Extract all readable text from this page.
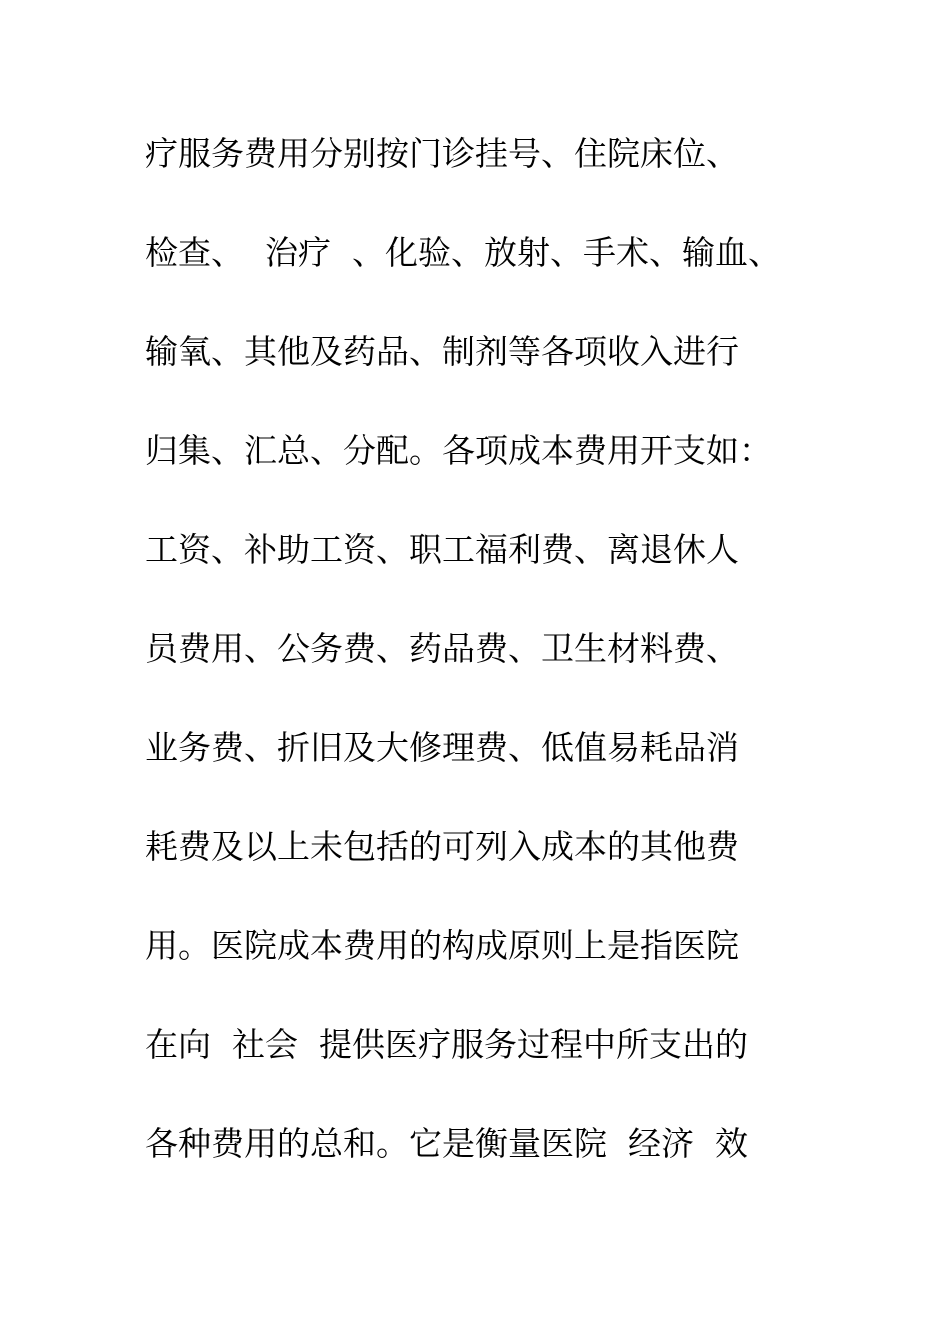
疗服务费用分别按门诊挂号、住院床位、
检查、  治疗  、化验、放射、手术、输血、
输氧、其他及药品、制剂等各项收入进行
归集、汇总、分配。各项成本费用开支如：
工资、补助工资、职工福利费、离退休人
员费用、公务费、药品费、卫生材料费、
业务费、折旧及大修理费、低值易耗品消
耗费及以上未包括的可列入成本的其他费
用。医院成本费用的构成原则上是指医院
在向  社会  提供医疗服务过程中所支出的
各种费用的总和。它是衡量医院  经济  效
